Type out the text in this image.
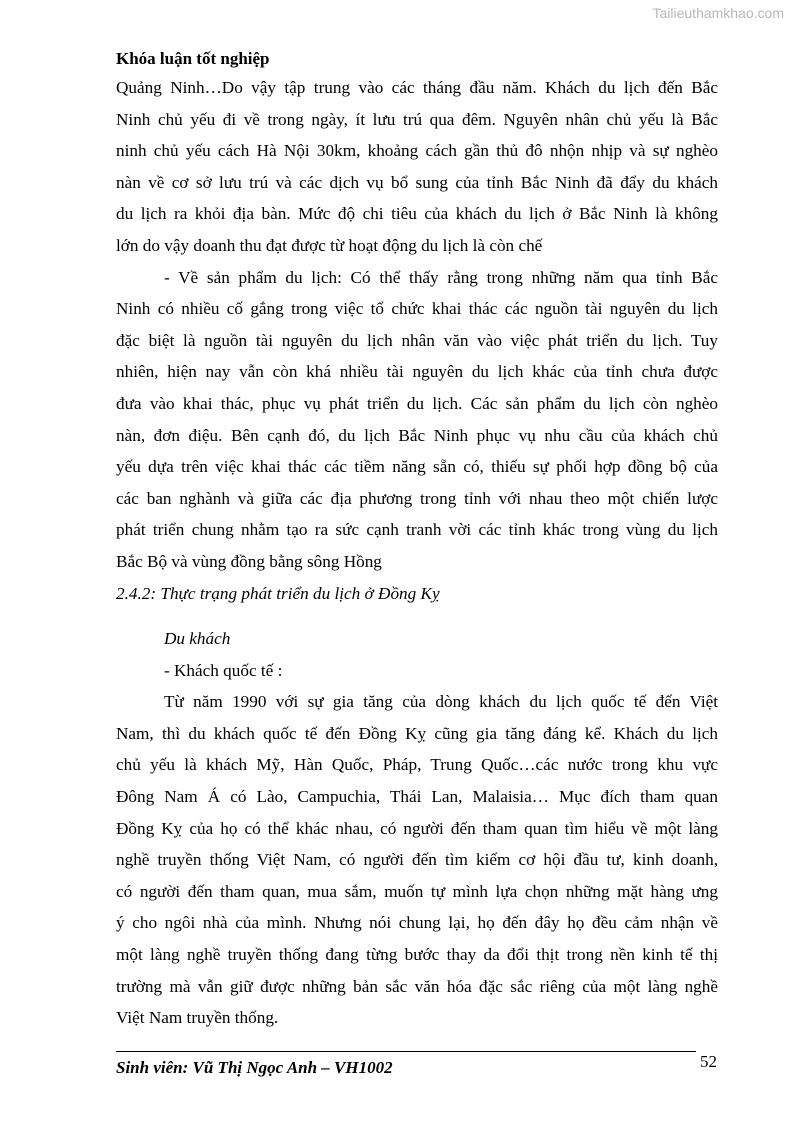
Tailieuthamkhao.com
Khóa luận tốt nghiệp
Quảng Ninh…Do vậy tập trung vào các tháng đầu năm. Khách du lịch đến Bắc
Ninh chủ yếu đi về trong ngày, ít lưu trú qua đêm. Nguyên nhân chủ yếu là Bắc
ninh chủ yếu cách Hà Nội 30km, khoảng cách gần thủ đô nhộn nhịp và sự nghèo
nàn về cơ sở lưu trú và các dịch vụ bổ sung của tỉnh Bắc Ninh đã đẩy du khách
du lịch ra khỏi địa bàn. Mức độ chi tiêu của khách du lịch ở Bắc Ninh là không
lớn do vậy doanh thu đạt được từ hoạt động du lịch là còn chế
- Về sản phẩm du lịch: Có thể thấy rằng trong những năm qua tỉnh Bắc
Ninh có nhiều cố gắng trong việc tổ chức khai thác các nguồn tài nguyên du lịch
đặc biệt là nguồn tài nguyên du lịch nhân văn vào việc phát triển du lịch. Tuy
nhiên, hiện nay vẫn còn khá nhiều tài nguyên du lịch khác của tỉnh chưa được
đưa vào khai thác, phục vụ phát triển du lịch. Các sản phẩm du lịch còn nghèo
nàn, đơn điệu. Bên cạnh đó, du lịch Bắc Ninh phục vụ nhu cầu của khách chủ
yếu dựa trên việc khai thác các tiềm năng sẵn có, thiếu sự phối hợp đồng bộ của
các ban nghành và giữa các địa phương trong tỉnh với nhau theo một chiến lược
phát triển chung nhằm tạo ra sức cạnh tranh vời các tỉnh khác trong vùng du lịch
Bắc Bộ và vùng đồng bằng sông Hồng
2.4.2: Thực trạng phát triển du lịch ở Đồng Kỵ
Du khách
- Khách quốc tế :
Từ năm 1990 với sự gia tăng của dòng khách du lịch quốc tế đến Việt
Nam, thì du khách quốc tế đến Đồng Kỵ cũng gia tăng đáng kể. Khách du lịch
chủ yếu là khách Mỹ, Hàn Quốc, Pháp, Trung Quốc…các nước trong khu vực
Đông Nam Á có Lào, Campuchia, Thái Lan, Malaisia… Mục đích tham quan
Đồng Kỵ của họ có thể khác nhau, có người đến tham quan tìm hiểu về một làng
nghề truyền thống Việt Nam, có người đến tìm kiếm cơ hội đầu tư, kinh doanh,
có người đến tham quan, mua sắm, muốn tự mình lựa chọn những mặt hàng ưng
ý cho ngôi nhà của mình. Nhưng nói chung lại, họ đến đây họ đều cảm nhận về
một làng nghề truyền thống đang từng bước thay da đổi thịt trong nền kinh tế thị
trường mà vẫn giữ được những bản sắc văn hóa đặc sắc riêng của một làng nghề
Việt Nam truyền thống.
Sinh viên: Vũ Thị Ngọc Anh – VH1002	52
